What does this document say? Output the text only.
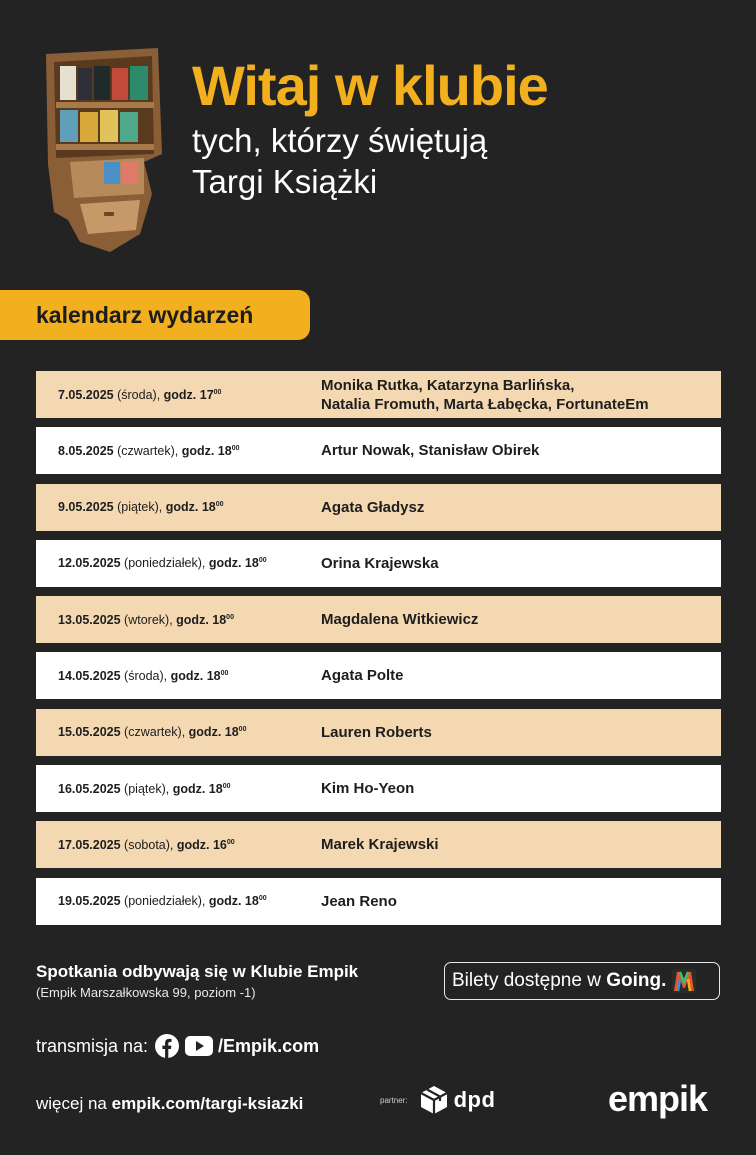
Witaj w klubie

tych, którzy świętują

Targi Książki

kalendarz wydarzeń
7.05.2025 (środa), godz. $17^{00}$	Monika Rutka, Katarzyna Barlińska,
Natalia Fromuth, Marta Łabęcka, FortunateEm
8.05.2025 (czwartek), godz. $18^{00}$	Artur Nowak, Stanisław Obirek
9.05.2025 (piątek), godz. $18^{00}$	Agata Gładysz
12.05.2025 (poniedziałek), godz. $18^{00}$	Orina Krajewska
13.05.2025 (wtorek), godz. $18^{00}$	Magdalena Witkiewicz
14.05.2025 (środa), godz. $18^{00}$	Agata Polte
15.05.2025 (czwartek), godz. $18^{00}$	Lauren Roberts
16.05.2025 (piątek), godz. $18^{00}$	Kim Ho-Yeon
17.05.2025 (sobota), godz. $16^{00}$	Marek Krajewski
19.05.2025 (poniedziałek), godz. $18^{00}$	Jean Reno

Spotkania odbywają się w Klubie Empik

(Empik Marszałkowska 99, poziom -1)

Bilety dostępne w
Going.
transmisja na:	/Empik.com
więcej na empik.com/targi-ksiazki	partner: dpd	empik
